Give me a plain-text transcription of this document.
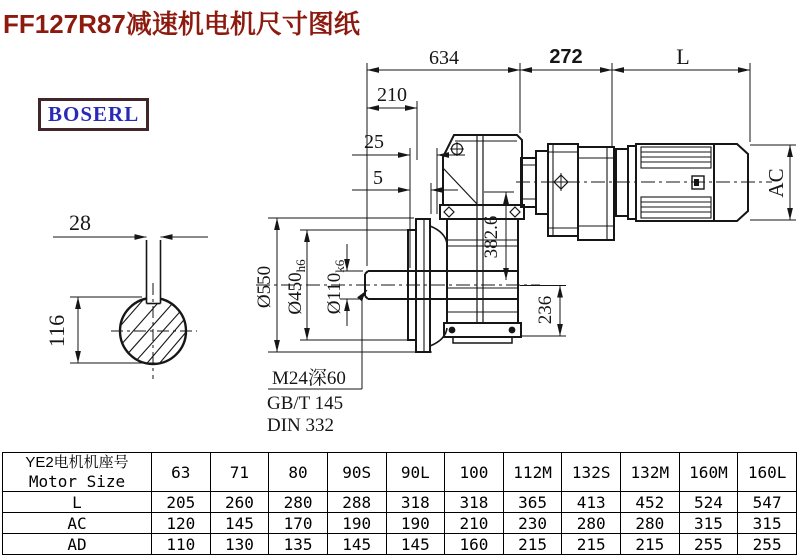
28
116
634	272	L
210
25
5
Ø550 $Ø450_{h6}$
$Ø110_{k6}$
382.6
236
AC
M24深60
GB/T 145
DIN 332
FF127R87减速机电机尺寸图纸
BOSERL
YE2电机机座号
Motor Size	63	71	80	90S	90L	100	112M	132S	132M	160M	160L
L	205	260	280	288	318	318	365	413	452	524	547
AC	120	145	170	190	190	210	230	280	280	315	315
AD	110	130	135	145	145	160	215	215	215	255	255
